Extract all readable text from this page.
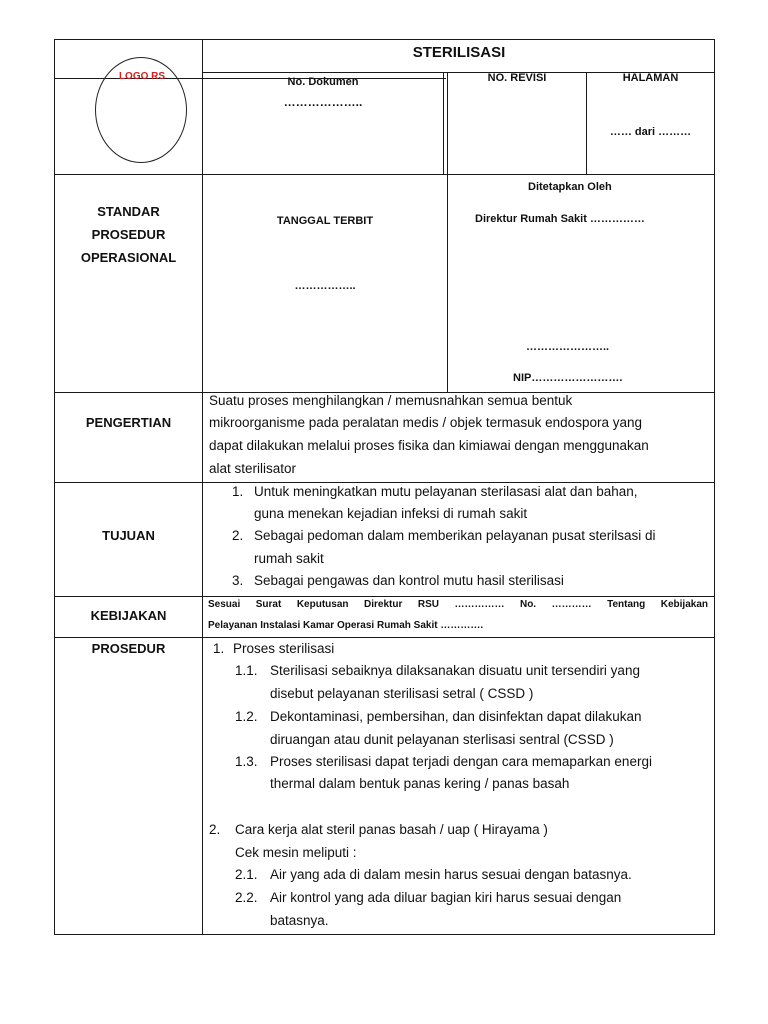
LOGO RS
STERILISASI
No. Dokumen
………………..
NO. REVISI	HALAMAN
…… dari ………
STANDAR
PROSEDUR
OPERASIONAL
TANGGAL TERBIT
……………..
Ditetapkan Oleh
Direktur Rumah Sakit ……………
…………………..
NIP…………………….
PENGERTIAN
Suatu proses menghilangkan / memusnahkan semua bentuk
mikroorganisme pada peralatan medis / objek termasuk endospora yang
dapat dilakukan melalui proses fisika dan kimiawai dengan menggunakan
alat sterilisator
TUJUAN
1. Untuk meningkatkan mutu pelayanan sterilasasi alat dan bahan,
guna menekan kejadian infeksi di rumah sakit
2. Sebagai pedoman dalam memberikan pelayanan pusat sterilsasi di
rumah sakit
3. Sebagai pengawas dan kontrol mutu hasil sterilisasi
KEBIJAKAN
Sesuai Surat Keputusan Direktur RSU …………… No. ………… Tentang Kebijakan
Pelayanan Instalasi Kamar Operasi Rumah Sakit ………….
PROSEDUR	1. Proses sterilisasi
1.1. Sterilisasi sebaiknya dilaksanakan disuatu unit tersendiri yang
disebut pelayanan sterilisasi setral ( CSSD )
1.2. Dekontaminasi, pembersihan, dan disinfektan dapat dilakukan
diruangan atau dunit pelayanan sterlisasi sentral (CSSD )
1.3. Proses sterilisasi dapat terjadi dengan cara memaparkan energi
thermal dalam bentuk panas kering / panas basah
2. Cara kerja alat steril panas basah / uap ( Hirayama )
Cek mesin meliputi :
2.1. Air yang ada di dalam mesin harus sesuai dengan batasnya.
2.2. Air kontrol yang ada diluar bagian kiri harus sesuai dengan
batasnya.
